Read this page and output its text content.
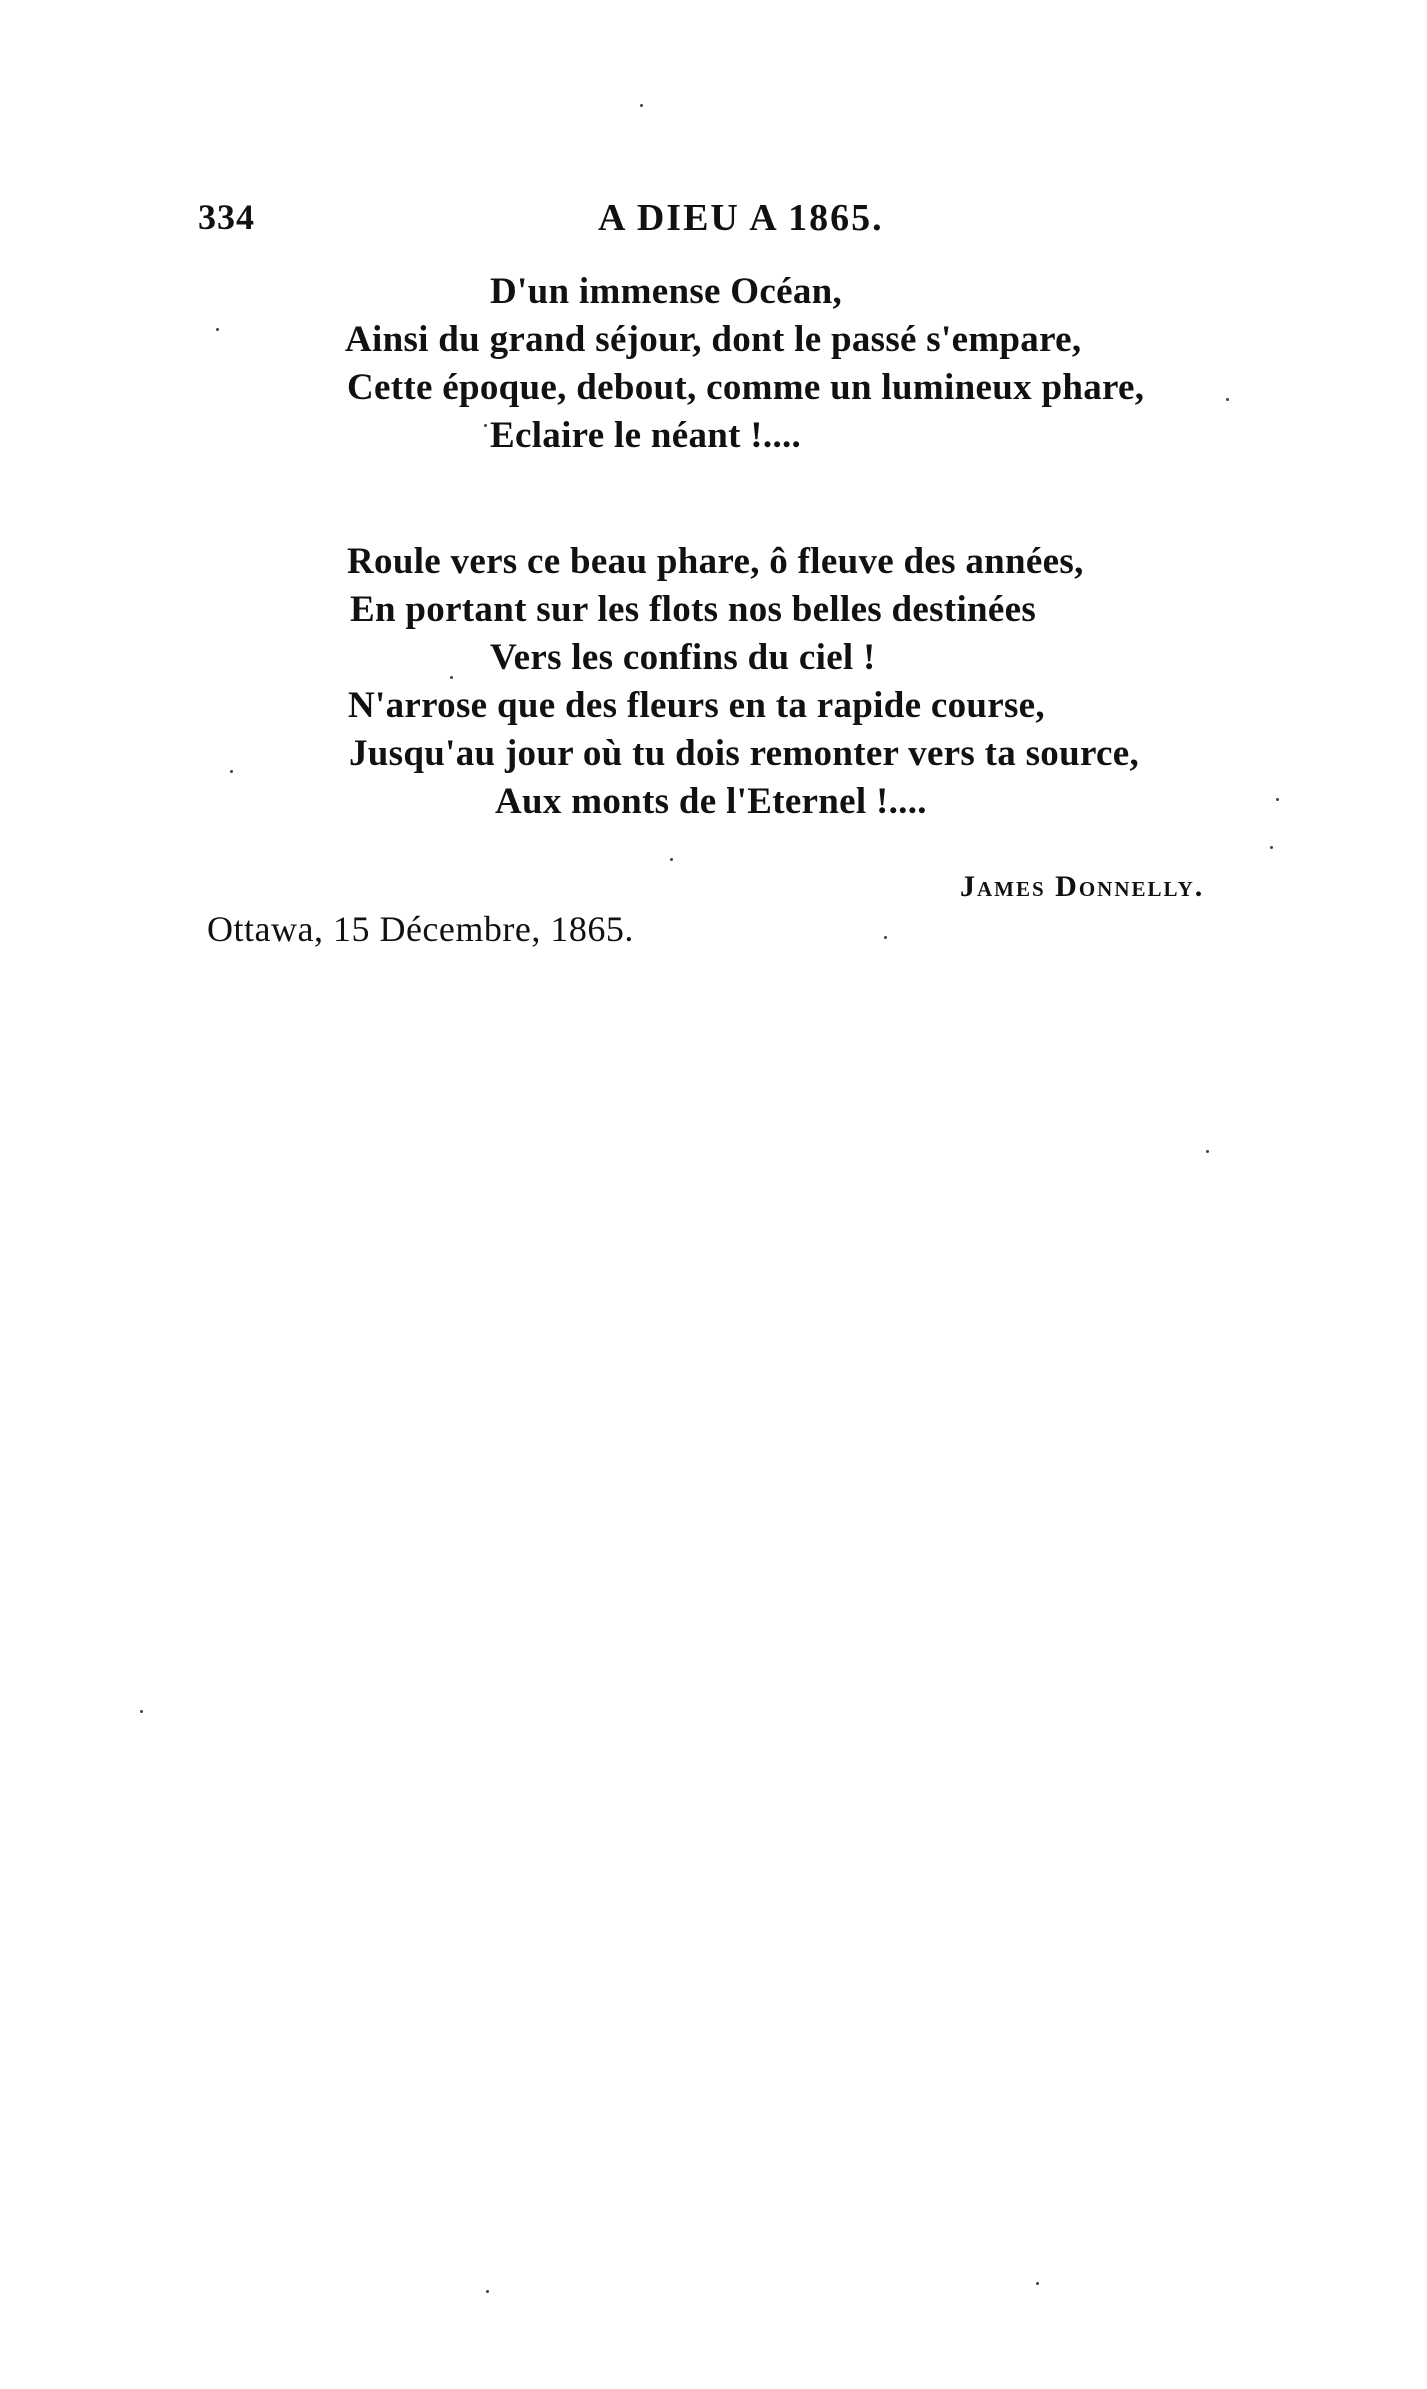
334	A DIEU A 1865.
D'un immense Océan,
Ainsi du grand séjour, dont le passé s'empare,
Cette époque, debout, comme un lumineux phare,
Eclaire le néant !....
Roule vers ce beau phare, ô fleuve des années,
En portant sur les flots nos belles destinées
Vers les confins du ciel !
N'arrose que des fleurs en ta rapide course,
Jusqu'au jour où tu dois remonter vers ta source,
Aux monts de l'Eternel !....
James Donnelly.
Ottawa, 15 Décembre, 1865.
